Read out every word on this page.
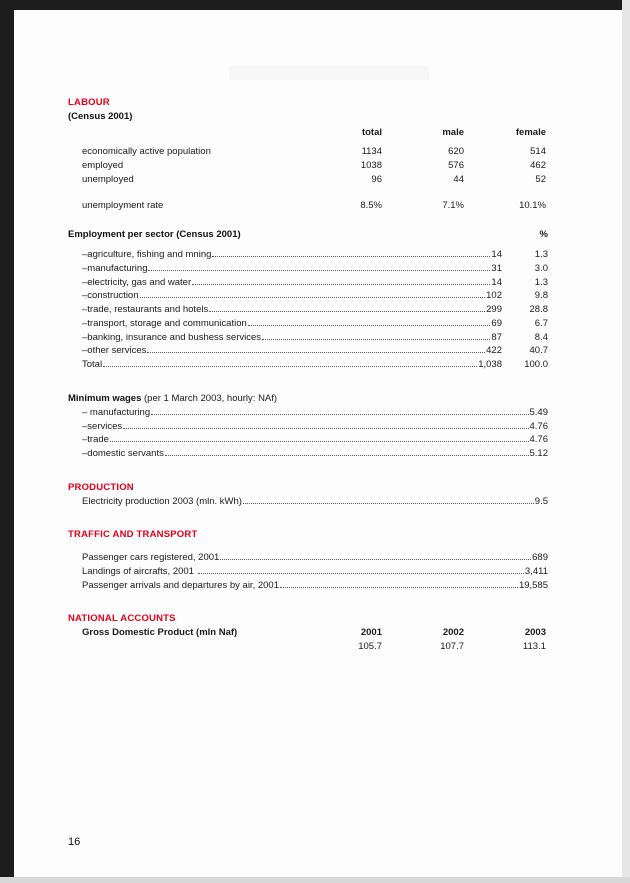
LABOUR
(Census 2001)
total	male	female
economically active population	1134	620	514
employed	1038	576	462
unemployed	96	44	52
unemployment rate	8.5%	7.1%	10.1%
Employment per sector (Census 2001)	%
–agriculture, fishing and mning	14	1.3
–manufacturing	31	3.0
–electricity, gas and water	14	1.3
–construction	102	9.8
–trade, restaurants and hotels	299	28.8
–transport, storage and communication	69	6.7
–banking, insurance and bushess services	87	8.4
–other services	422	40.7
Total	1,038	100.0
Minimum wages (per 1 March 2003, hourly: NAf)
– manufacturing	5.49
–services	4.76
–trade	4.76
–domestic servants	5.12
PRODUCTION
Electricity production 2003 (mln. kWh)	9.5
TRAFFIC AND TRANSPORT
Passenger cars registered, 2001	689
Landings of aircrafts, 2001	3,411
Passenger arrivals and departures by air, 2001	19,585
NATIONAL ACCOUNTS
Gross Domestic Product (mln Naf)	2001	2002	2003
105.7	107.7	113.1
16
